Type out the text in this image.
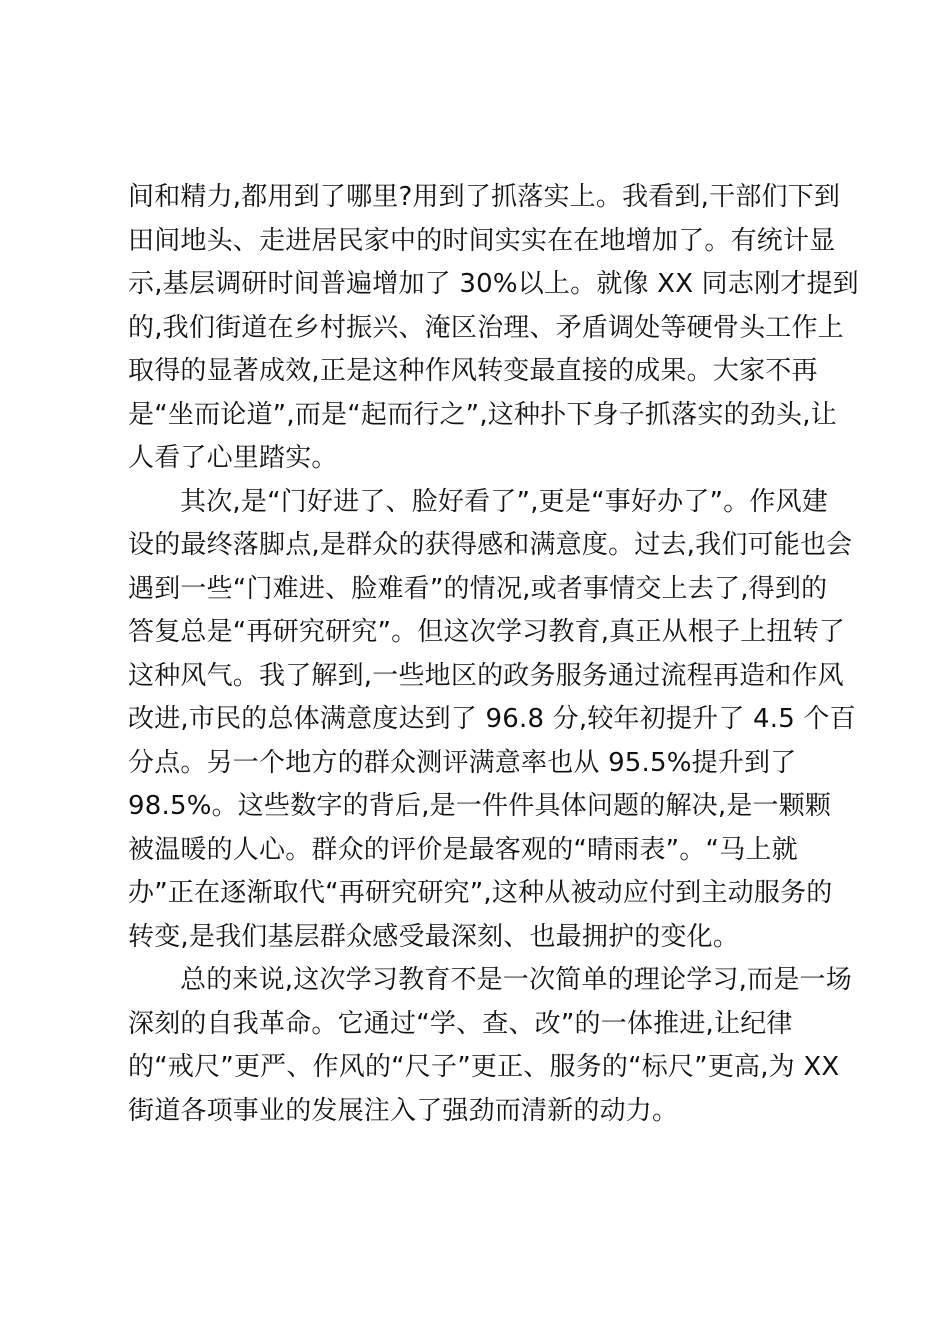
间和精力,都用到了哪里?用到了抓落实上。我看到,干部们下到
田间地头、走进居民家中的时间实实在在地增加了。有统计显
示,基层调研时间普遍增加了 30%以上。就像 XX 同志刚才提到
的,我们街道在乡村振兴、淹区治理、矛盾调处等硬骨头工作上
取得的显著成效,正是这种作风转变最直接的成果。大家不再
是“坐而论道”,而是“起而行之”,这种扑下身子抓落实的劲头,让
人看了心里踏实。
其次,是“门好进了、脸好看了”,更是“事好办了”。作风建
设的最终落脚点,是群众的获得感和满意度。过去,我们可能也会
遇到一些“门难进、脸难看”的情况,或者事情交上去了,得到的
答复总是“再研究研究”。但这次学习教育,真正从根子上扭转了
这种风气。我了解到,一些地区的政务服务通过流程再造和作风
改进,市民的总体满意度达到了 96.8 分,较年初提升了 4.5 个百
分点。另一个地方的群众测评满意率也从 95.5%提升到了
98.5%。这些数字的背后,是一件件具体问题的解决,是一颗颗
被温暖的人心。群众的评价是最客观的“晴雨表”。“马上就
办”正在逐渐取代“再研究研究”,这种从被动应付到主动服务的
转变,是我们基层群众感受最深刻、也最拥护的变化。
总的来说,这次学习教育不是一次简单的理论学习,而是一场
深刻的自我革命。它通过“学、查、改”的一体推进,让纪律
的“戒尺”更严、作风的“尺子”更正、服务的“标尺”更高,为 XX
街道各项事业的发展注入了强劲而清新的动力。
